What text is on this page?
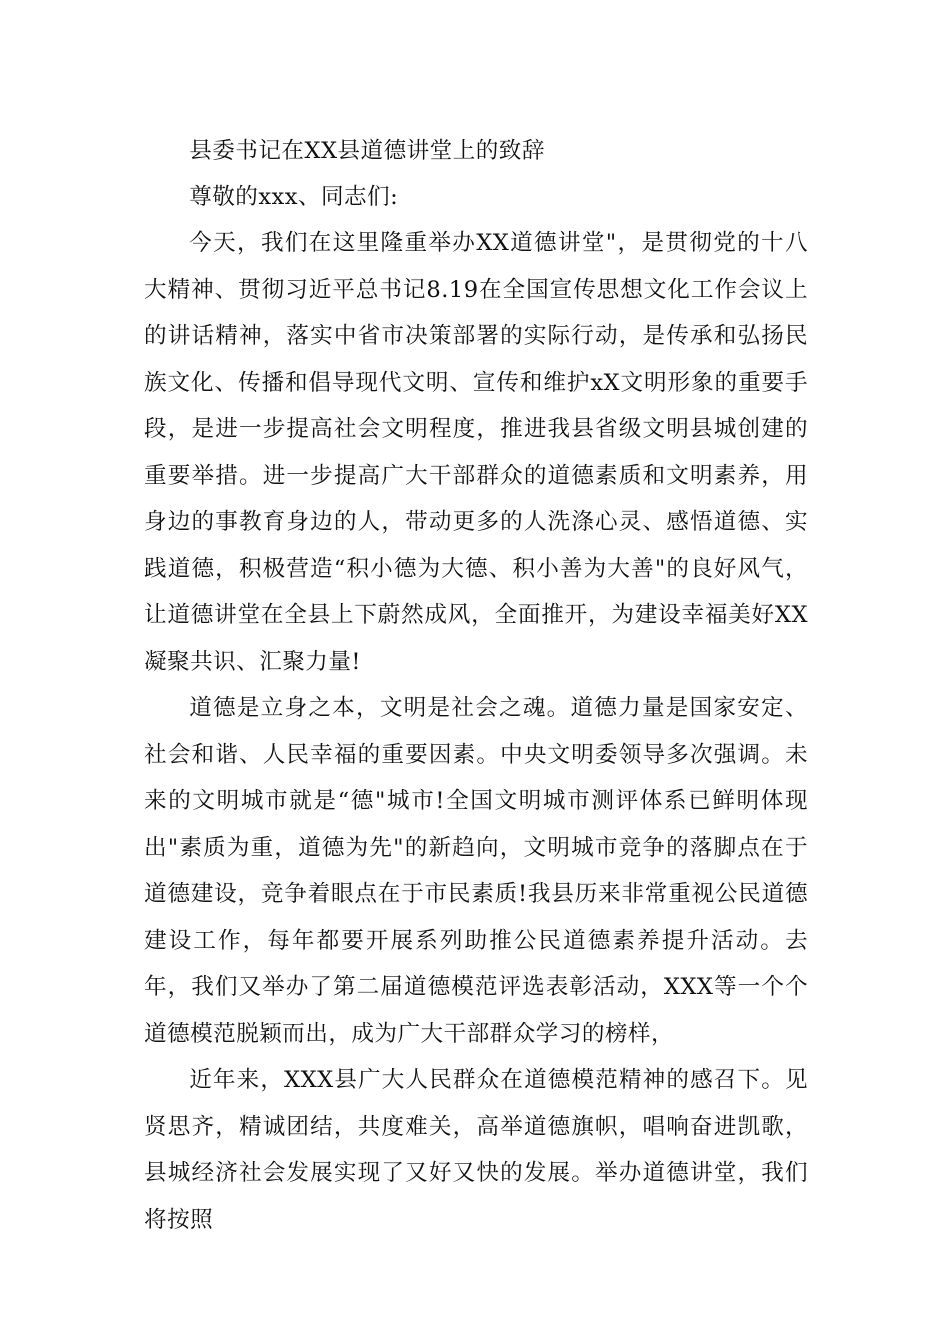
县委书记在XX县道德讲堂上的致辞

尊敬的xxx、同志们:

今天，我们在这里隆重举办XX道德讲堂"，是贯彻党的十八大精神、贯彻习近平总书记8.19在全国宣传思想文化工作会议上的讲话精神，落实中省市决策部署的实际行动，是传承和弘扬民族文化、传播和倡导现代文明、宣传和维护xX文明形象的重要手段，是进一步提高社会文明程度，推进我县省级文明县城创建的重要举措。进一步提高广大干部群众的道德素质和文明素养，用身边的事教育身边的人，带动更多的人洗涤心灵、感悟道德、实践道德，积极营造“积小德为大德、积小善为大善"的良好风气，让道德讲堂在全县上下蔚然成风，全面推开，为建设幸福美好XX凝聚共识、汇聚力量!

道德是立身之本，文明是社会之魂。道德力量是国家安定、社会和谐、人民幸福的重要因素。中央文明委领导多次强调。未来的文明城市就是“德"城市!全国文明城市测评体系已鲜明体现出"素质为重，道德为先"的新趋向，文明城市竞争的落脚点在于道德建设，竞争着眼点在于市民素质!我县历来非常重视公民道德建设工作，每年都要开展系列助推公民道德素养提升活动。去年，我们又举办了第二届道德模范评选表彰活动，XXX等一个个道德模范脱颖而出，成为广大干部群众学习的榜样，

近年来，XXX县广大人民群众在道德模范精神的感召下。见贤思齐，精诚团结，共度难关，高举道德旗帜，唱响奋进凯歌，县城经济社会发展实现了又好又快的发展。举办道德讲堂，我们将按照
